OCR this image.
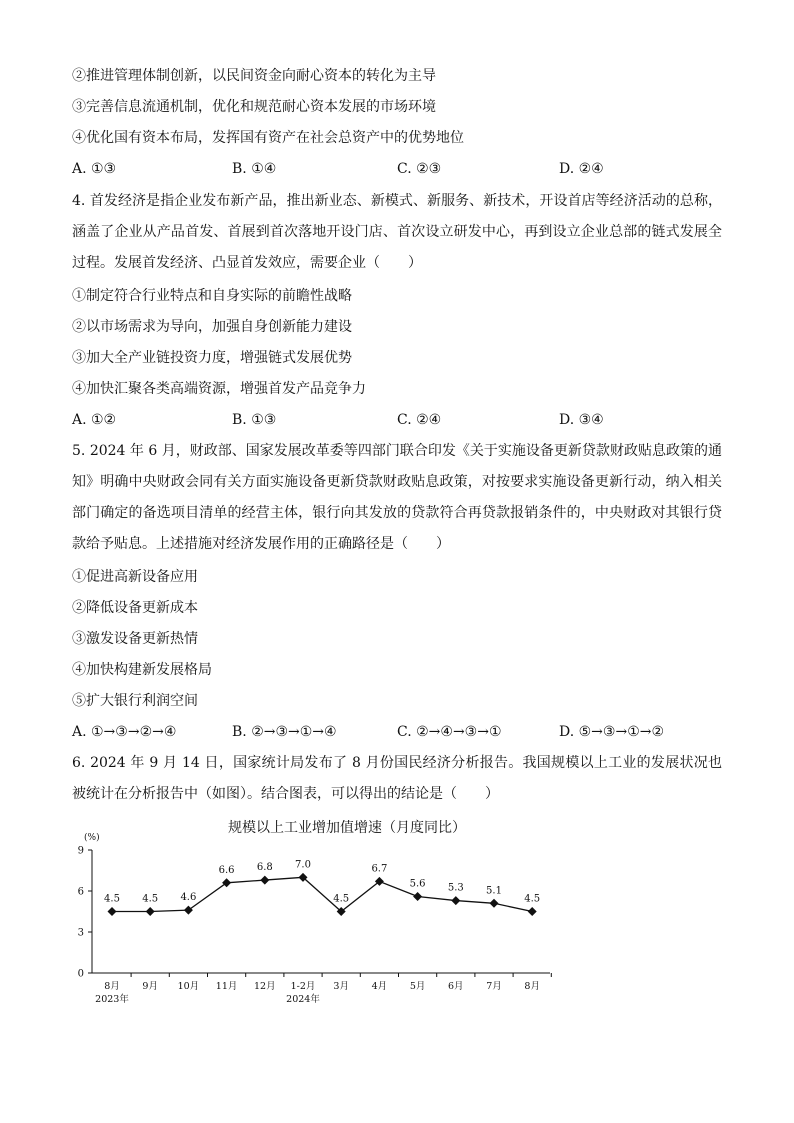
②推进管理体制创新，以民间资金向耐心资本的转化为主导
③完善信息流通机制，优化和规范耐心资本发展的市场环境
④优化国有资本布局，发挥国有资产在社会总资产中的优势地位
A. ①③	B. ①④	C. ②③	D. ②④
4. 首发经济是指企业发布新产品，推出新业态、新模式、新服务、新技术，开设首店等经济活动的总称，涵盖了企业从产品首发、首展到首次落地开设门店、首次设立研发中心，再到设立企业总部的链式发展全过程。发展首发经济、凸显首发效应，需要企业（　　）
①制定符合行业特点和自身实际的前瞻性战略
②以市场需求为导向，加强自身创新能力建设
③加大全产业链投资力度，增强链式发展优势
④加快汇聚各类高端资源，增强首发产品竞争力
A. ①②	B. ①③	C. ②④	D. ③④
5. 2024 年 6 月，财政部、国家发展改革委等四部门联合印发《关于实施设备更新贷款财政贴息政策的通知》明确中央财政会同有关方面实施设备更新贷款财政贴息政策，对按要求实施设备更新行动，纳入相关部门确定的备选项目清单的经营主体，银行向其发放的贷款符合再贷款报销条件的，中央财政对其银行贷款给予贴息。上述措施对经济发展作用的正确路径是（　　）
①促进高新设备应用
②降低设备更新成本
③激发设备更新热情
④加快构建新发展格局
⑤扩大银行利润空间
A. ①→③→②→④	B. ②→③→①→④	C. ②→④→③→①	D. ⑤→③→①→②
6. 2024 年 9 月 14 日，国家统计局发布了 8 月份国民经济分析报告。我国规模以上工业的发展状况也被统计在分析报告中（如图）。结合图表，可以得出的结论是（　　）
规模以上工业增加值增速（月度同比）
(%)
0
3
6
9
8月
2023年
9月 10月 11月 12月 1-2月
2024年
3月 4月 5月 6月 7月 8月
4.5 4.5 4.6
6.6 6.8 7.0
4.5
6.7
5.6 5.3 5.1
4.5
